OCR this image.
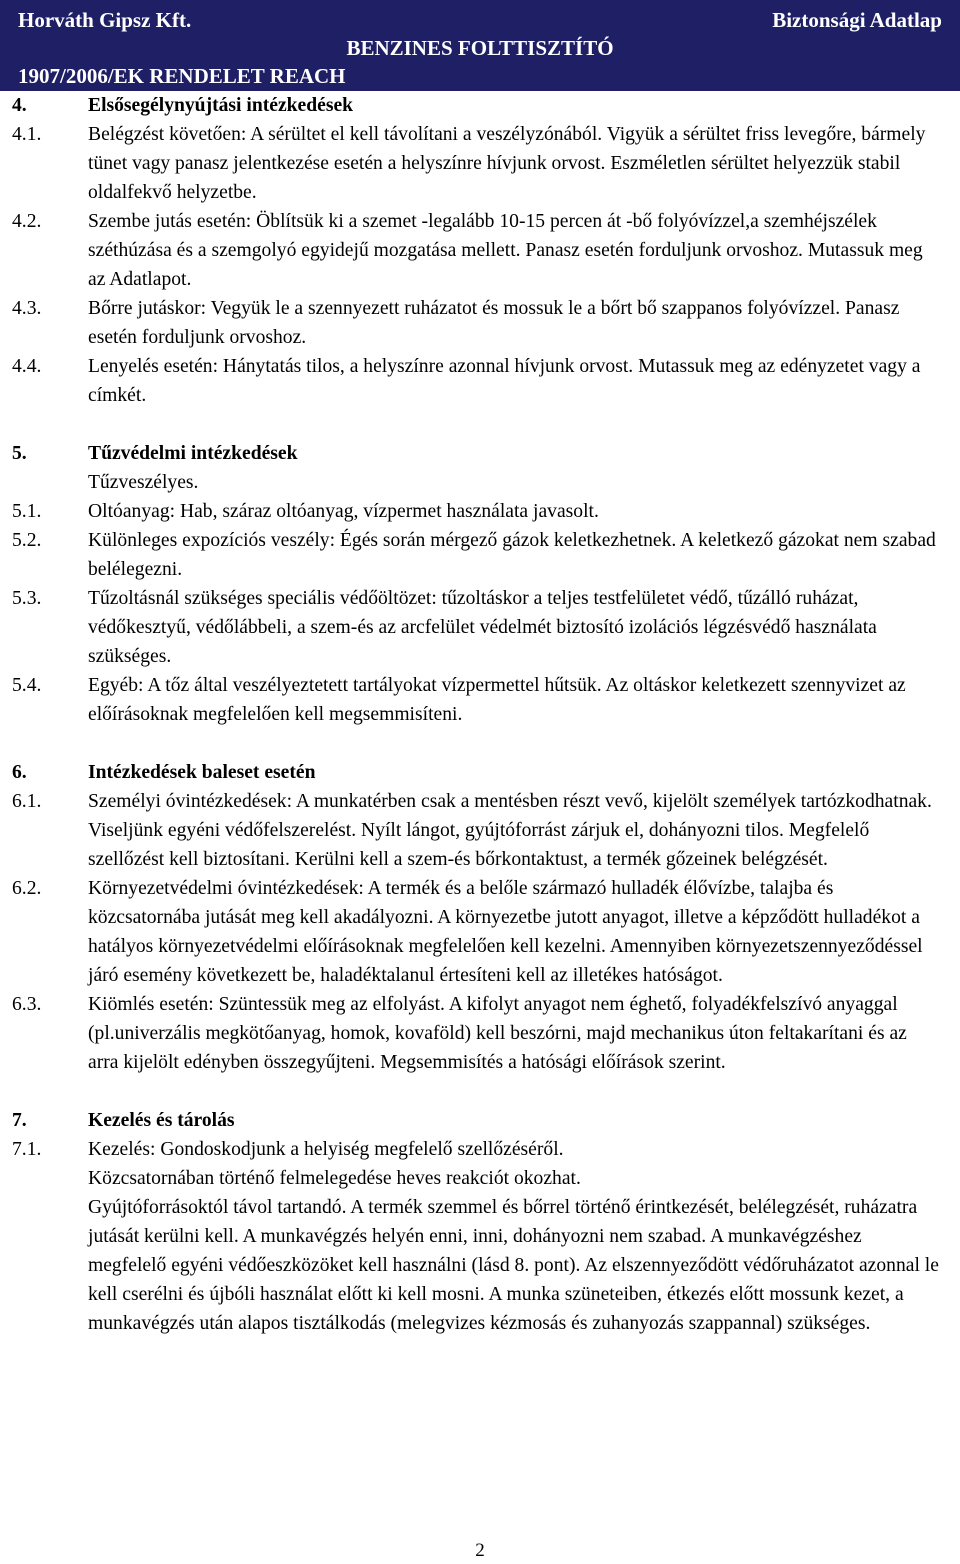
Horváth Gipsz Kft.	Biztonsági Adatlap
BENZINES FOLTTISZTÍTÓ
1907/2006/EK RENDELET REACH
4.	Elsősegélynyújtási intézkedések
4.1.	Belégzést követően: A sérültet el kell távolítani a veszélyzónából. Vigyük a sérültet friss levegőre, bármely tünet vagy panasz jelentkezése esetén a helyszínre hívjunk orvost. Eszméletlen sérültet helyezzük stabil oldalfekvő helyzetbe.
4.2.	Szembe jutás esetén: Öblítsük ki a szemet -legalább 10-15 percen át -bő folyóvízzel,a szemhéjszélek széthúzása és a szemgolyó egyidejű mozgatása mellett. Panasz esetén forduljunk orvoshoz. Mutassuk meg az Adatlapot.
4.3.	Bőrre jutáskor: Vegyük le a szennyezett ruházatot és mossuk le a bőrt bő szappanos folyóvízzel. Panasz esetén forduljunk orvoshoz.
4.4.	Lenyelés esetén: Hánytatás tilos, a helyszínre azonnal hívjunk orvost. Mutassuk meg az edényzetet vagy a címkét.
5.	Tűzvédelmi intézkedések
Tűzveszélyes.
5.1.	Oltóanyag: Hab, száraz oltóanyag, vízpermet használata javasolt.
5.2.	Különleges expozíciós veszély: Égés során mérgező gázok keletkezhetnek. A keletkező gázokat nem szabad belélegezni.
5.3.	Tűzoltásnál szükséges speciális védőöltözet: tűzoltáskor a teljes testfelületet védő, tűzálló ruházat, védőkesztyű, védőlábbeli, a szem-és az arcfelület védelmét biztosító izolációs légzésvédő használata szükséges.
5.4.	Egyéb: A tőz által veszélyeztetett tartályokat vízpermettel hűtsük. Az oltáskor keletkezett szennyvizet az előírásoknak megfelelően kell megsemmisíteni.
6.	Intézkedések baleset esetén
6.1.	Személyi óvintézkedések: A munkatérben csak a mentésben részt vevő, kijelölt személyek tartózkodhatnak. Viseljünk egyéni védőfelszerelést. Nyílt lángot, gyújtóforrást zárjuk el, dohányozni tilos. Megfelelő szellőzést kell biztosítani. Kerülni kell a szem-és bőrkontaktust, a termék gőzeinek belégzését.
6.2.	Környezetvédelmi óvintézkedések: A termék és a belőle származó hulladék élővízbe, talajba és közcsatornába jutását meg kell akadályozni. A környezetbe jutott anyagot, illetve a képződött hulladékot a hatályos környezetvédelmi előírásoknak megfelelően kell kezelni. Amennyiben környezetszennyeződéssel járó esemény következett be, haladéktalanul értesíteni kell az illetékes hatóságot.
6.3.	Kiömlés esetén: Szüntessük meg az elfolyást. A kifolyt anyagot nem éghető, folyadékfelszívó anyaggal (pl.univerzális megkötőanyag, homok, kovaföld) kell beszórni, majd mechanikus úton feltakarítani és az arra kijelölt edényben összegyűjteni. Megsemmisítés a hatósági előírások szerint.
7.	Kezelés és tárolás
7.1.	Kezelés: Gondoskodjunk a helyiség megfelelő szellőzéséről.
Közcsatornában történő felmelegedése heves reakciót okozhat.
Gyújtóforrásoktól távol tartandó. A termék szemmel és bőrrel történő érintkezését, belélegzését, ruházatra jutását kerülni kell. A munkavégzés helyén enni, inni, dohányozni nem szabad. A munkavégzéshez megfelelő egyéni védőeszközöket kell használni (lásd 8. pont). Az elszennyeződött védőruházatot azonnal le kell cserélni és újbóli használat előtt ki kell mosni. A munka szüneteiben, étkezés előtt mossunk kezet, a munkavégzés után alapos tisztálkodás (melegvizes kézmosás és zuhanyozás szappannal) szükséges.
2
